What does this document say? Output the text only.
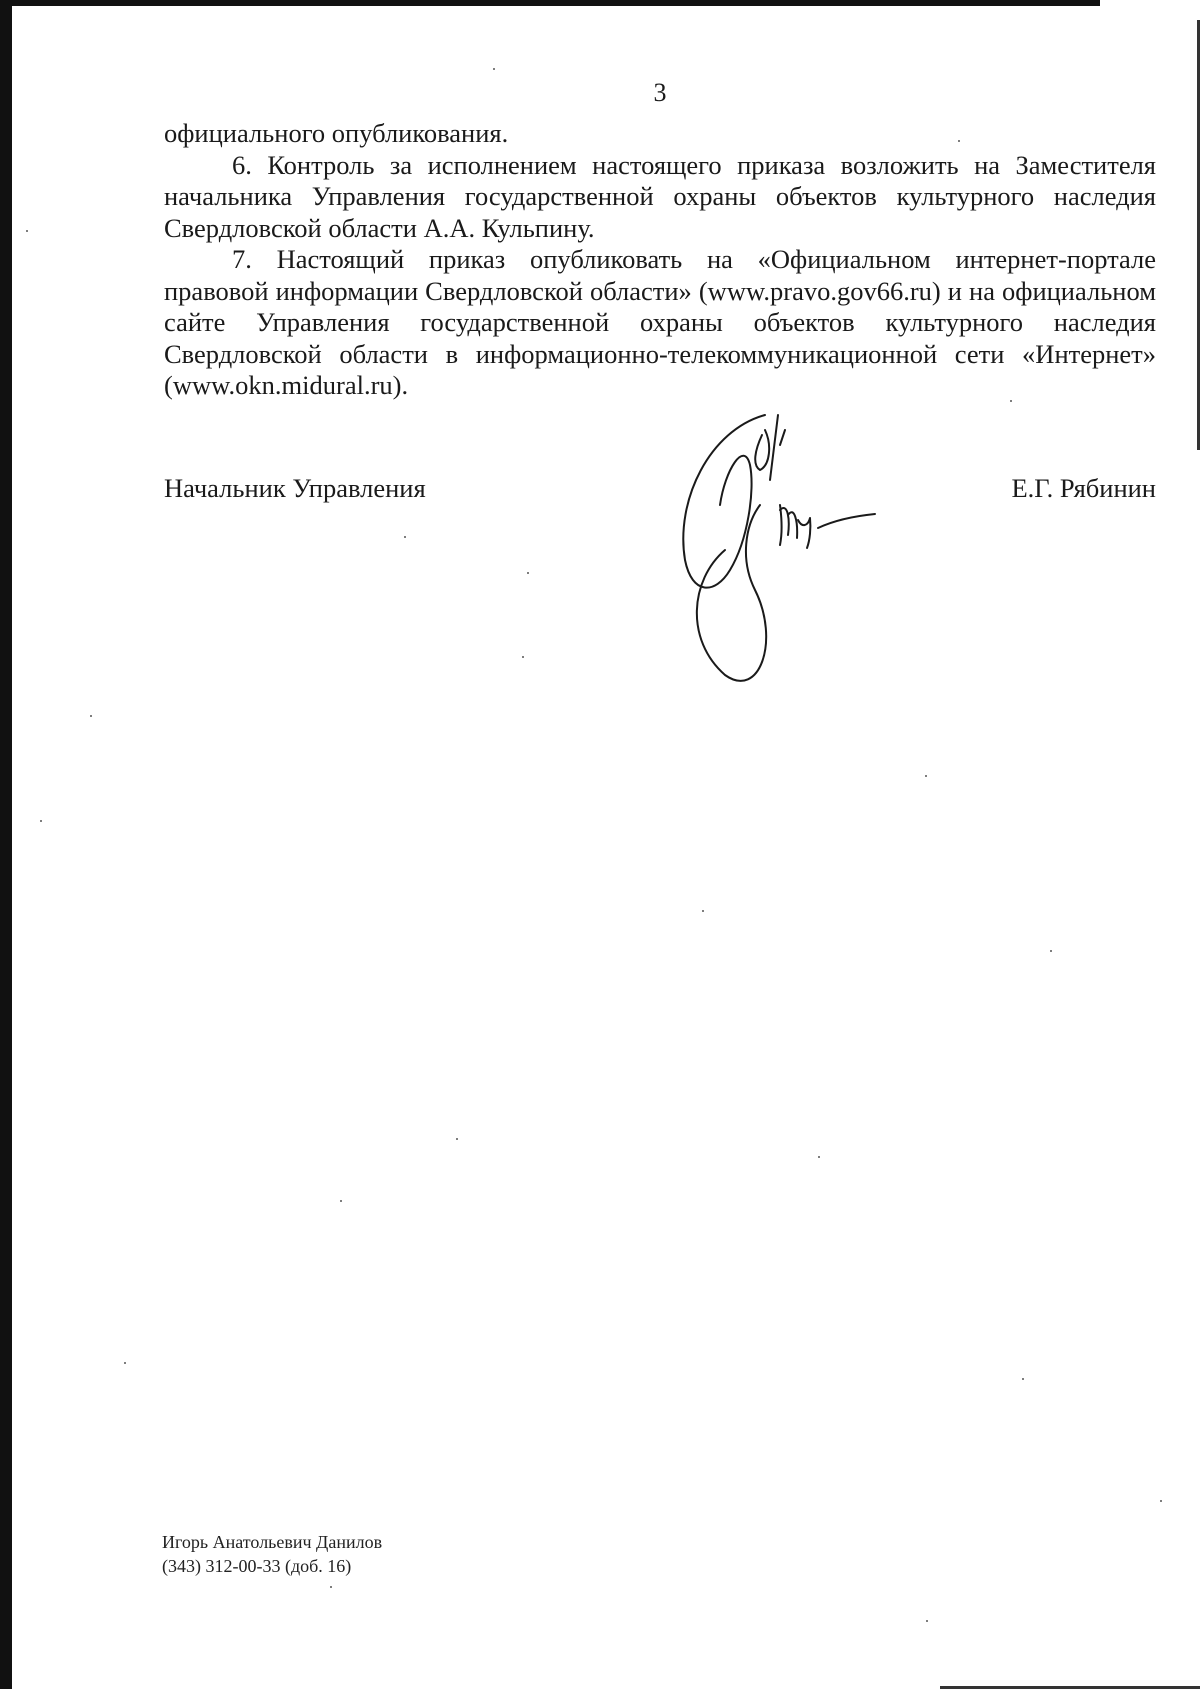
3

официального опубликования.

6. Контроль за исполнением настоящего приказа возложить на Заместителя начальника Управления государственной охраны объектов культурного наследия Свердловской области А.А. Кульпину.

7. Настоящий приказ опубликовать на «Официальном интернет-портале правовой информации Свердловской области» (www.pravo.gov66.ru) и на официальном сайте Управления государственной охраны объектов культурного наследия Свердловской области в информационно-телекоммуникационной сети «Интернет» (www.okn.midural.ru).

Начальник Управления	Е.Г. Рябинин
Игорь Анатольевич Данилов
(343) 312-00-33 (доб. 16)
